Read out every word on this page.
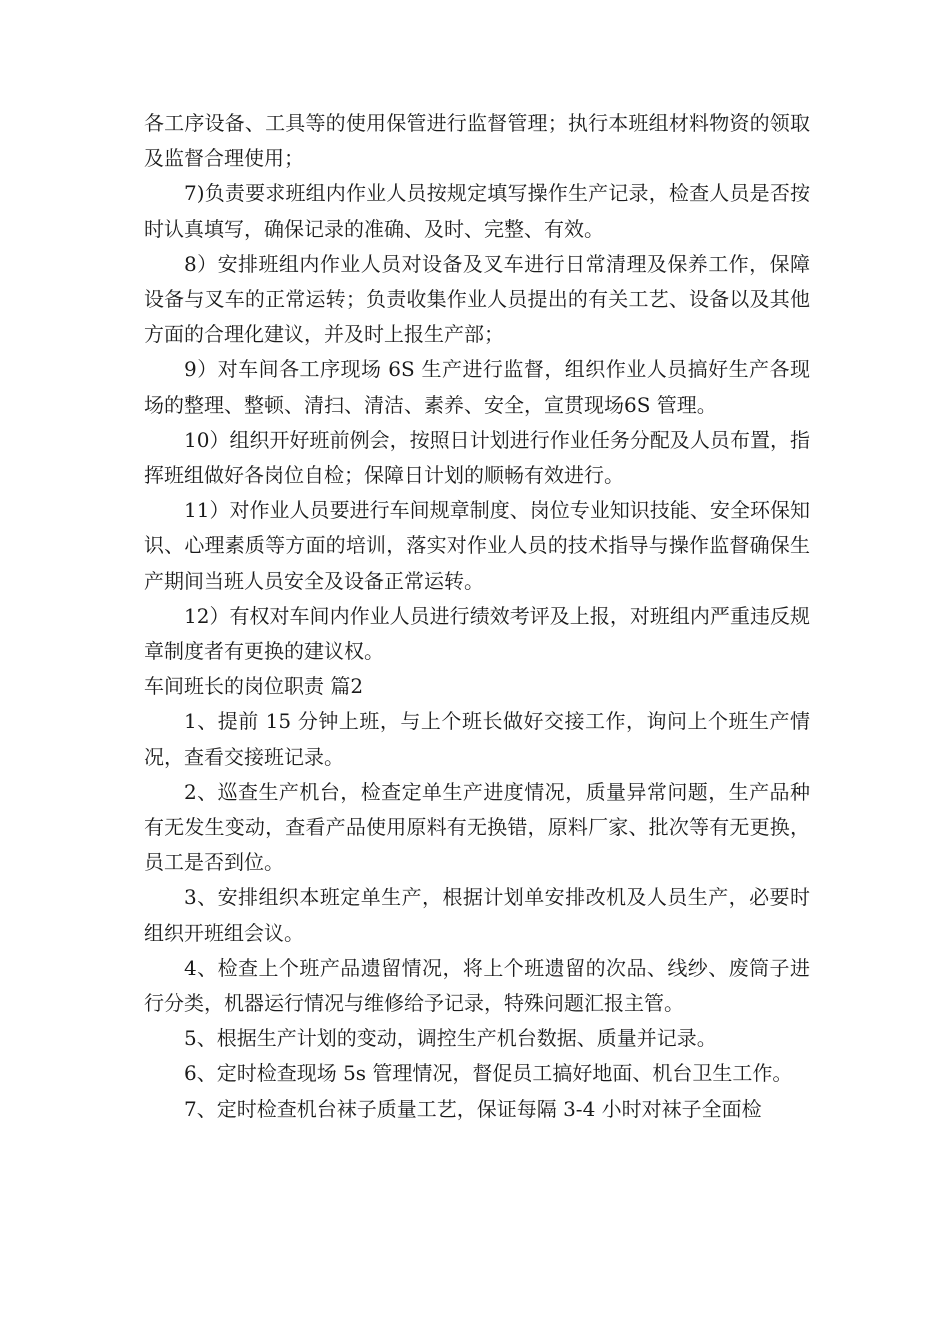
各工序设备、工具等的使用保管进行监督管理；执行本班组材料物资的领取及监督合理使用；

7)负责要求班组内作业人员按规定填写操作生产记录，检查人员是否按时认真填写，确保记录的准确、及时、完整、有效。

8）安排班组内作业人员对设备及叉车进行日常清理及保养工作，保障设备与叉车的正常运转；负责收集作业人员提出的有关工艺、设备以及其他方面的合理化建议，并及时上报生产部；

9）对车间各工序现场 6S 生产进行监督，组织作业人员搞好生产各现场的整理、整顿、清扫、清洁、素养、安全，宣贯现场6S 管理。

10）组织开好班前例会，按照日计划进行作业任务分配及人员布置，指挥班组做好各岗位自检；保障日计划的顺畅有效进行。

11）对作业人员要进行车间规章制度、岗位专业知识技能、安全环保知识、心理素质等方面的培训，落实对作业人员的技术指导与操作监督确保生产期间当班人员安全及设备正常运转。

12）有权对车间内作业人员进行绩效考评及上报，对班组内严重违反规章制度者有更换的建议权。

车间班长的岗位职责 篇2

1、提前 15 分钟上班，与上个班长做好交接工作，询问上个班生产情况，查看交接班记录。

2、巡查生产机台，检查定单生产进度情况，质量异常问题，生产品种有无发生变动，查看产品使用原料有无换错，原料厂家、批次等有无更换，员工是否到位。

3、安排组织本班定单生产，根据计划单安排改机及人员生产，必要时组织开班组会议。

4、检查上个班产品遗留情况，将上个班遗留的次品、线纱、废筒子进行分类，机器运行情况与维修给予记录，特殊问题汇报主管。

5、根据生产计划的变动，调控生产机台数据、质量并记录。

6、定时检查现场 5s 管理情况，督促员工搞好地面、机台卫生工作。

7、定时检查机台袜子质量工艺，保证每隔 3-4 小时对袜子全面检
